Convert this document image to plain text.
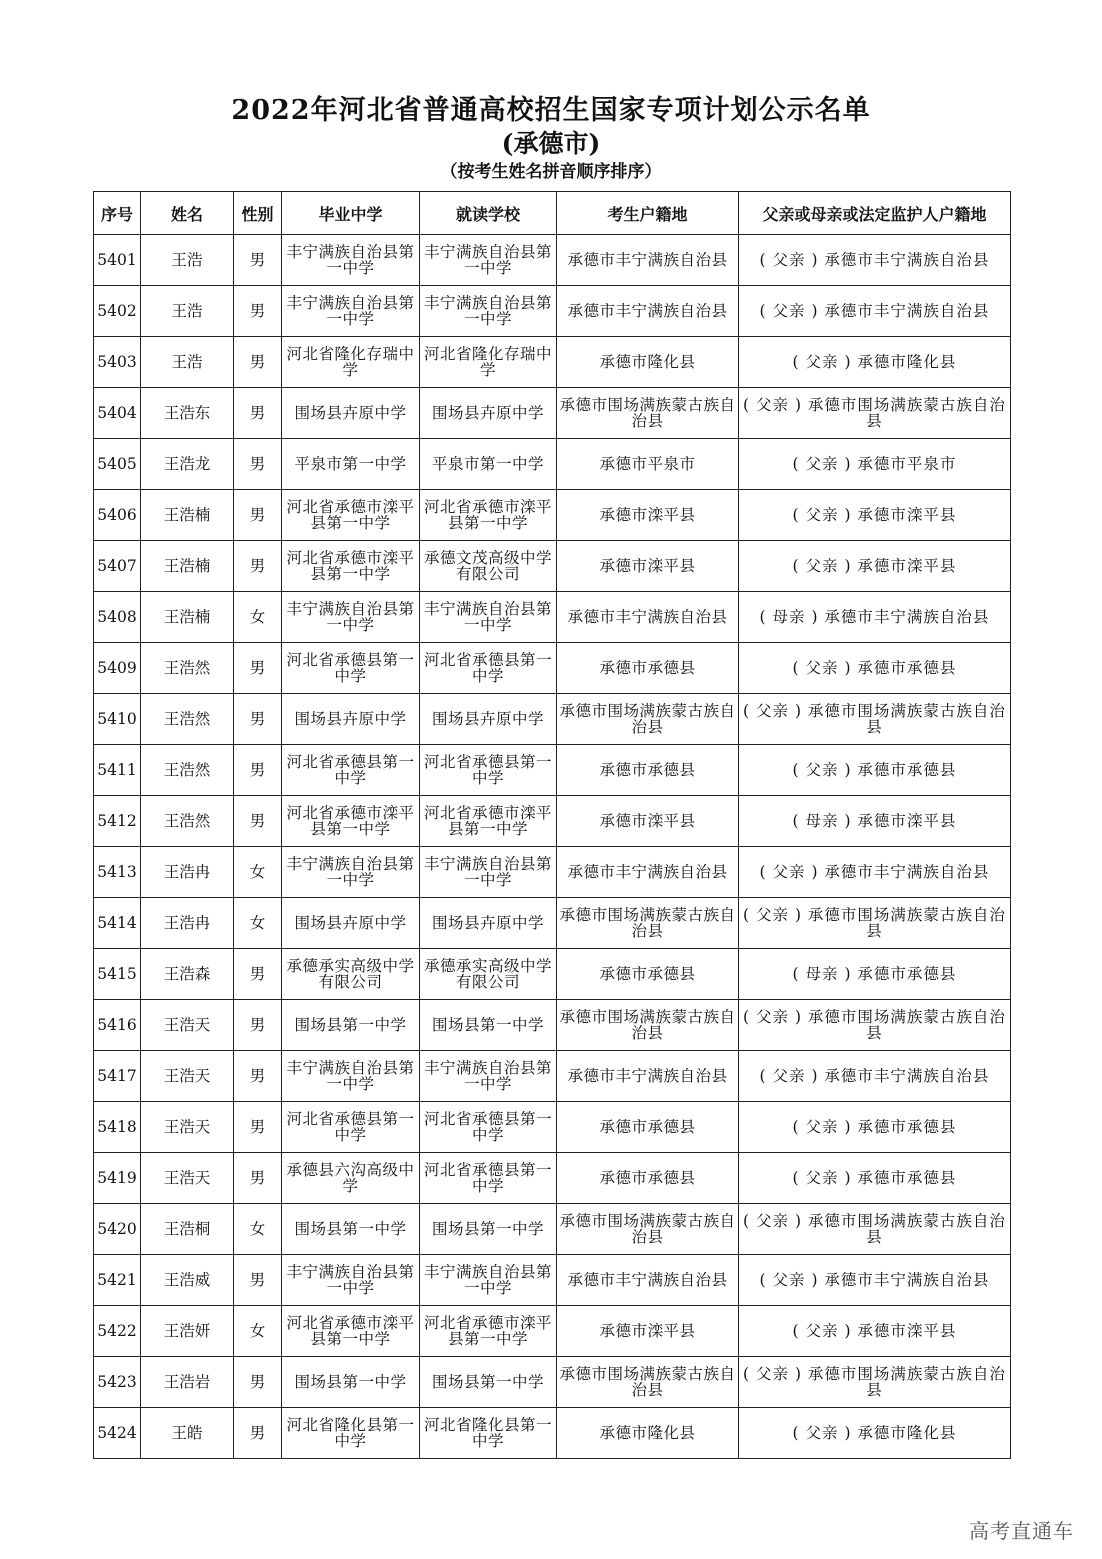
2022年河北省普通高校招生国家专项计划公示名单
(承德市)
（按考生姓名拼音顺序排序）
序号	姓名	性别	毕业中学	就读学校	考生户籍地	父亲或母亲或法定监护人户籍地
5401	王浩	男	丰宁满族自治县第一中学	丰宁满族自治县第一中学	承德市丰宁满族自治县	( 父亲 ) 承德市丰宁满族自治县
5402	王浩	男	丰宁满族自治县第一中学	丰宁满族自治县第一中学	承德市丰宁满族自治县	( 父亲 ) 承德市丰宁满族自治县
5403	王浩	男	河北省隆化存瑞中学	河北省隆化存瑞中学	承德市隆化县	( 父亲 ) 承德市隆化县
5404	王浩东	男	围场县卉原中学	围场县卉原中学	承德市围场满族蒙古族自治县	( 父亲 ) 承德市围场满族蒙古族自治县
5405	王浩龙	男	平泉市第一中学	平泉市第一中学	承德市平泉市	( 父亲 ) 承德市平泉市
5406	王浩楠	男	河北省承德市滦平县第一中学	河北省承德市滦平县第一中学	承德市滦平县	( 父亲 ) 承德市滦平县
5407	王浩楠	男	河北省承德市滦平县第一中学	承德文茂高级中学有限公司	承德市滦平县	( 父亲 ) 承德市滦平县
5408	王浩楠	女	丰宁满族自治县第一中学	丰宁满族自治县第一中学	承德市丰宁满族自治县	( 母亲 ) 承德市丰宁满族自治县
5409	王浩然	男	河北省承德县第一中学	河北省承德县第一中学	承德市承德县	( 父亲 ) 承德市承德县
5410	王浩然	男	围场县卉原中学	围场县卉原中学	承德市围场满族蒙古族自治县	( 父亲 ) 承德市围场满族蒙古族自治县
5411	王浩然	男	河北省承德县第一中学	河北省承德县第一中学	承德市承德县	( 父亲 ) 承德市承德县
5412	王浩然	男	河北省承德市滦平县第一中学	河北省承德市滦平县第一中学	承德市滦平县	( 母亲 ) 承德市滦平县
5413	王浩冉	女	丰宁满族自治县第一中学	丰宁满族自治县第一中学	承德市丰宁满族自治县	( 父亲 ) 承德市丰宁满族自治县
5414	王浩冉	女	围场县卉原中学	围场县卉原中学	承德市围场满族蒙古族自治县	( 父亲 ) 承德市围场满族蒙古族自治县
5415	王浩森	男	承德承实高级中学有限公司	承德承实高级中学有限公司	承德市承德县	( 母亲 ) 承德市承德县
5416	王浩天	男	围场县第一中学	围场县第一中学	承德市围场满族蒙古族自治县	( 父亲 ) 承德市围场满族蒙古族自治县
5417	王浩天	男	丰宁满族自治县第一中学	丰宁满族自治县第一中学	承德市丰宁满族自治县	( 父亲 ) 承德市丰宁满族自治县
5418	王浩天	男	河北省承德县第一中学	河北省承德县第一中学	承德市承德县	( 父亲 ) 承德市承德县
5419	王浩天	男	承德县六沟高级中学	河北省承德县第一中学	承德市承德县	( 父亲 ) 承德市承德县
5420	王浩桐	女	围场县第一中学	围场县第一中学	承德市围场满族蒙古族自治县	( 父亲 ) 承德市围场满族蒙古族自治县
5421	王浩威	男	丰宁满族自治县第一中学	丰宁满族自治县第一中学	承德市丰宁满族自治县	( 父亲 ) 承德市丰宁满族自治县
5422	王浩妍	女	河北省承德市滦平县第一中学	河北省承德市滦平县第一中学	承德市滦平县	( 父亲 ) 承德市滦平县
5423	王浩岩	男	围场县第一中学	围场县第一中学	承德市围场满族蒙古族自治县	( 父亲 ) 承德市围场满族蒙古族自治县
5424	王皓	男	河北省隆化县第一中学	河北省隆化县第一中学	承德市隆化县	( 父亲 ) 承德市隆化县
高考直通车
